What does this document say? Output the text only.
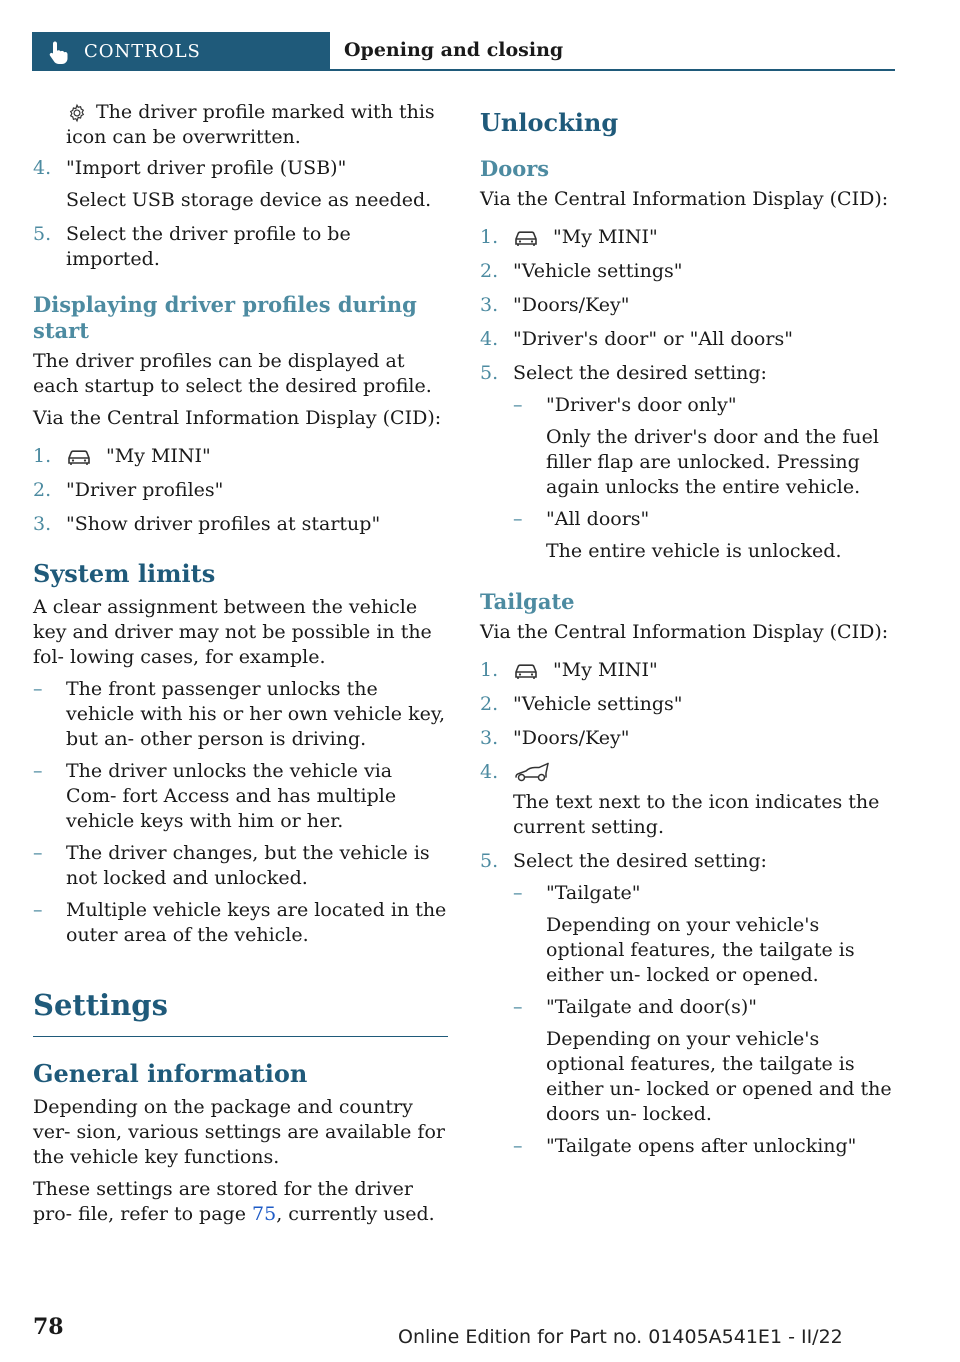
CONTROLS	Opening and closing

The driver profile marked with this icon can be overwritten.

4. "Import driver profile (USB)"
Select USB storage device as needed.
5. Select the driver profile to be imported.
Displaying driver profiles during start

The driver profiles can be displayed at each startup to select the desired profile.

Via the Central Information Display (CID):

1.	"My MINI"
2. "Driver profiles"
3. "Show driver profiles at startup"
System limits

A clear assignment between the vehicle key and driver may not be possible in the fol‐ lowing cases, for example.

–	The front passenger unlocks the vehicle with his or her own vehicle key, but an‐ other person is driving.
–	The driver unlocks the vehicle via Com‐ fort Access and has multiple vehicle keys with him or her.
–	The driver changes, but the vehicle is not locked and unlocked.
–	Multiple vehicle keys are located in the outer area of the vehicle.
Settings
General information

Depending on the package and country ver‐ sion, various settings are available for the vehicle key functions.

These settings are stored for the driver pro‐ file, refer to page 75, currently used.

Unlocking
Doors

Via the Central Information Display (CID):

1.	"My MINI"
2. "Vehicle settings"
3. "Doors/Key"
4. "Driver's door" or "All doors"
5. Select the desired setting:
–	"Driver's door only"
Only the driver's door and the fuel filler flap are unlocked. Pressing again unlocks the entire vehicle.
–	"All doors"
The entire vehicle is unlocked.
Tailgate

Via the Central Information Display (CID):

1.	"My MINI"
2. "Vehicle settings"
3. "Doors/Key"
4.
The text next to the icon indicates the current setting.
5. Select the desired setting:
–	"Tailgate"
Depending on your vehicle's optional features, the tailgate is either un‐ locked or opened.
–	"Tailgate and door(s)"
Depending on your vehicle's optional features, the tailgate is either un‐ locked or opened and the doors un‐ locked.
–	"Tailgate opens after unlocking"
78	Online Edition for Part no. 01405A541E1 - II/22
